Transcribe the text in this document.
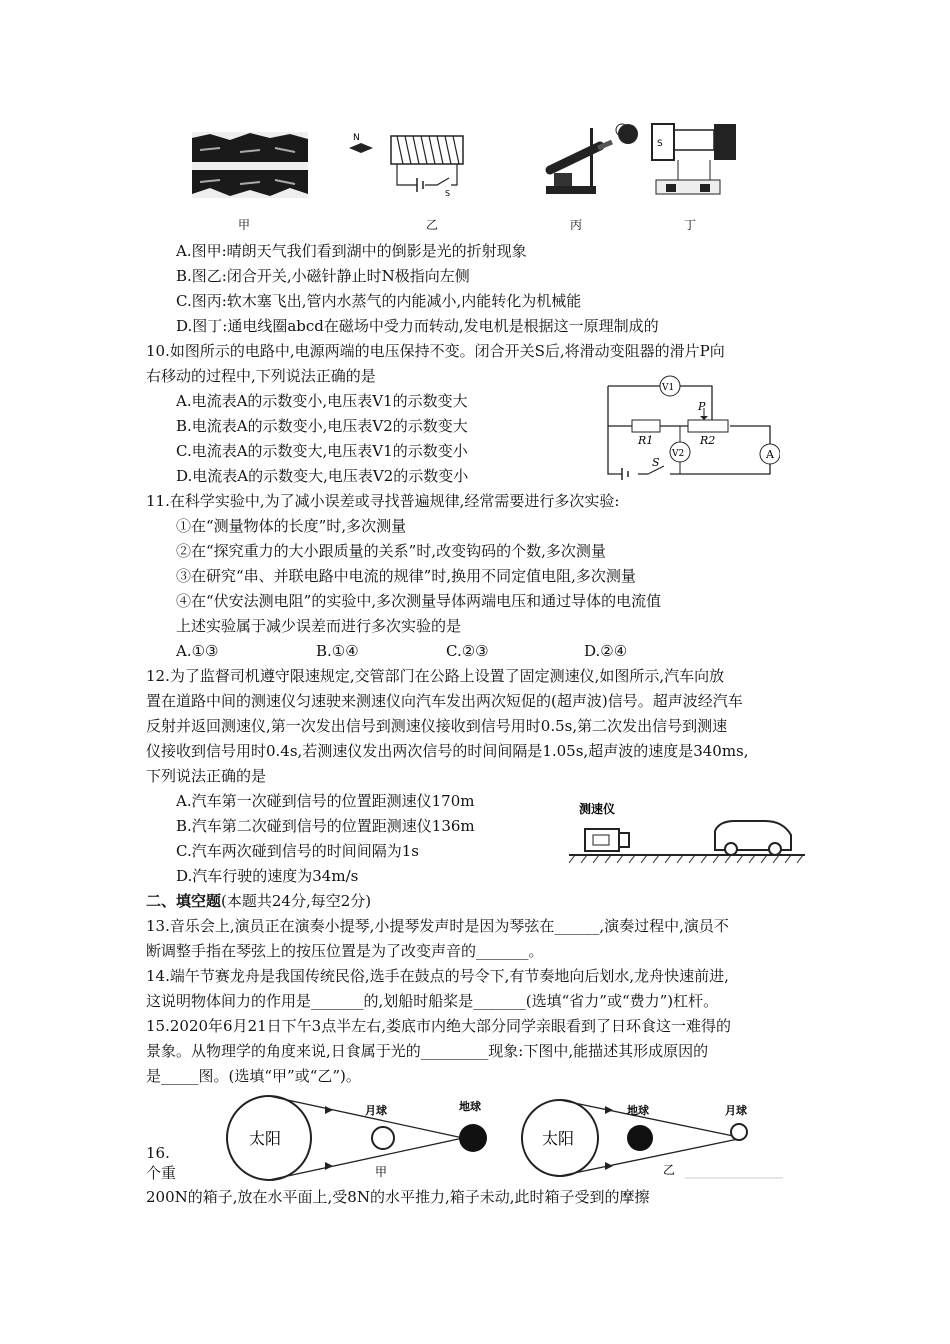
N
S
S
甲	乙	丙	丁
A.图甲:晴朗天气我们看到湖中的倒影是光的折射现象
B.图乙:闭合开关,小磁针静止时N极指向左侧
C.图丙:软木塞飞出,管内水蒸气的内能减小,内能转化为机械能
D.图丁:通电线圈abcd在磁场中受力而转动,发电机是根据这一原理制成的
10.如图所示的电路中,电源两端的电压保持不变。闭合开关S后,将滑动变阻器的滑片P向
右移动的过程中,下列说法正确的是
A.电流表A的示数变小,电压表V1的示数变大
B.电流表A的示数变小,电压表V2的示数变大
C.电流表A的示数变大,电压表V1的示数变小
D.电流表A的示数变大,电压表V2的示数变小
V1
V2	A
R1	R2
P
S
11.在科学实验中,为了减小误差或寻找普遍规律,经常需要进行多次实验:
①在“测量物体的长度”时,多次测量
②在“探究重力的大小跟质量的关系”时,改变钩码的个数,多次测量
③在研究“串、并联电路中电流的规律”时,换用不同定值电阻,多次测量
④在“伏安法测电阻”的实验中,多次测量导体两端电压和通过导体的电流值
上述实验属于减少误差而进行多次实验的是
A.①③	B.①④	C.②③	D.②④
12.为了监督司机遵守限速规定,交管部门在公路上设置了固定测速仪,如图所示,汽车向放
置在道路中间的测速仪匀速驶来测速仪向汽车发出两次短促的(超声波)信号。超声波经汽车
反射并返回测速仪,第一次发出信号到测速仪接收到信号用时0.5s,第二次发出信号到测速
仪接收到信号用时0.4s,若测速仪发出两次信号的时间间隔是1.05s,超声波的速度是340ms,
下列说法正确的是
A.汽车第一次碰到信号的位置距测速仪170m
B.汽车第二次碰到信号的位置距测速仪136m
C.汽车两次碰到信号的时间间隔为1s
D.汽车行驶的速度为34m/s
测速仪
二、填空题(本题共24分,每空2分)
13.音乐会上,演员正在演奏小提琴,小提琴发声时是因为琴弦在______,演奏过程中,演员不
断调整手指在琴弦上的按压位置是为了改变声音的_______。
14.端午节赛龙舟是我国传统民俗,选手在鼓点的号令下,有节奏地向后划水,龙舟快速前进,
这说明物体间力的作用是_______的,划船时船桨是_______(选填“省力”或“费力”)杠杆。
15.2020年6月21日下午3点半左右,娄底市内绝大部分同学亲眼看到了日环食这一难得的
景象。从物理学的角度来说,日食属于光的_________现象:下图中,能描述其形成原因的
是_____图。(选填“甲”或“乙”)。
太阳
月球	地球
甲
太阳
地球	月球
乙
16.
个重
200N的箱子,放在水平面上,受8N的水平推力,箱子未动,此时箱子受到的摩擦
